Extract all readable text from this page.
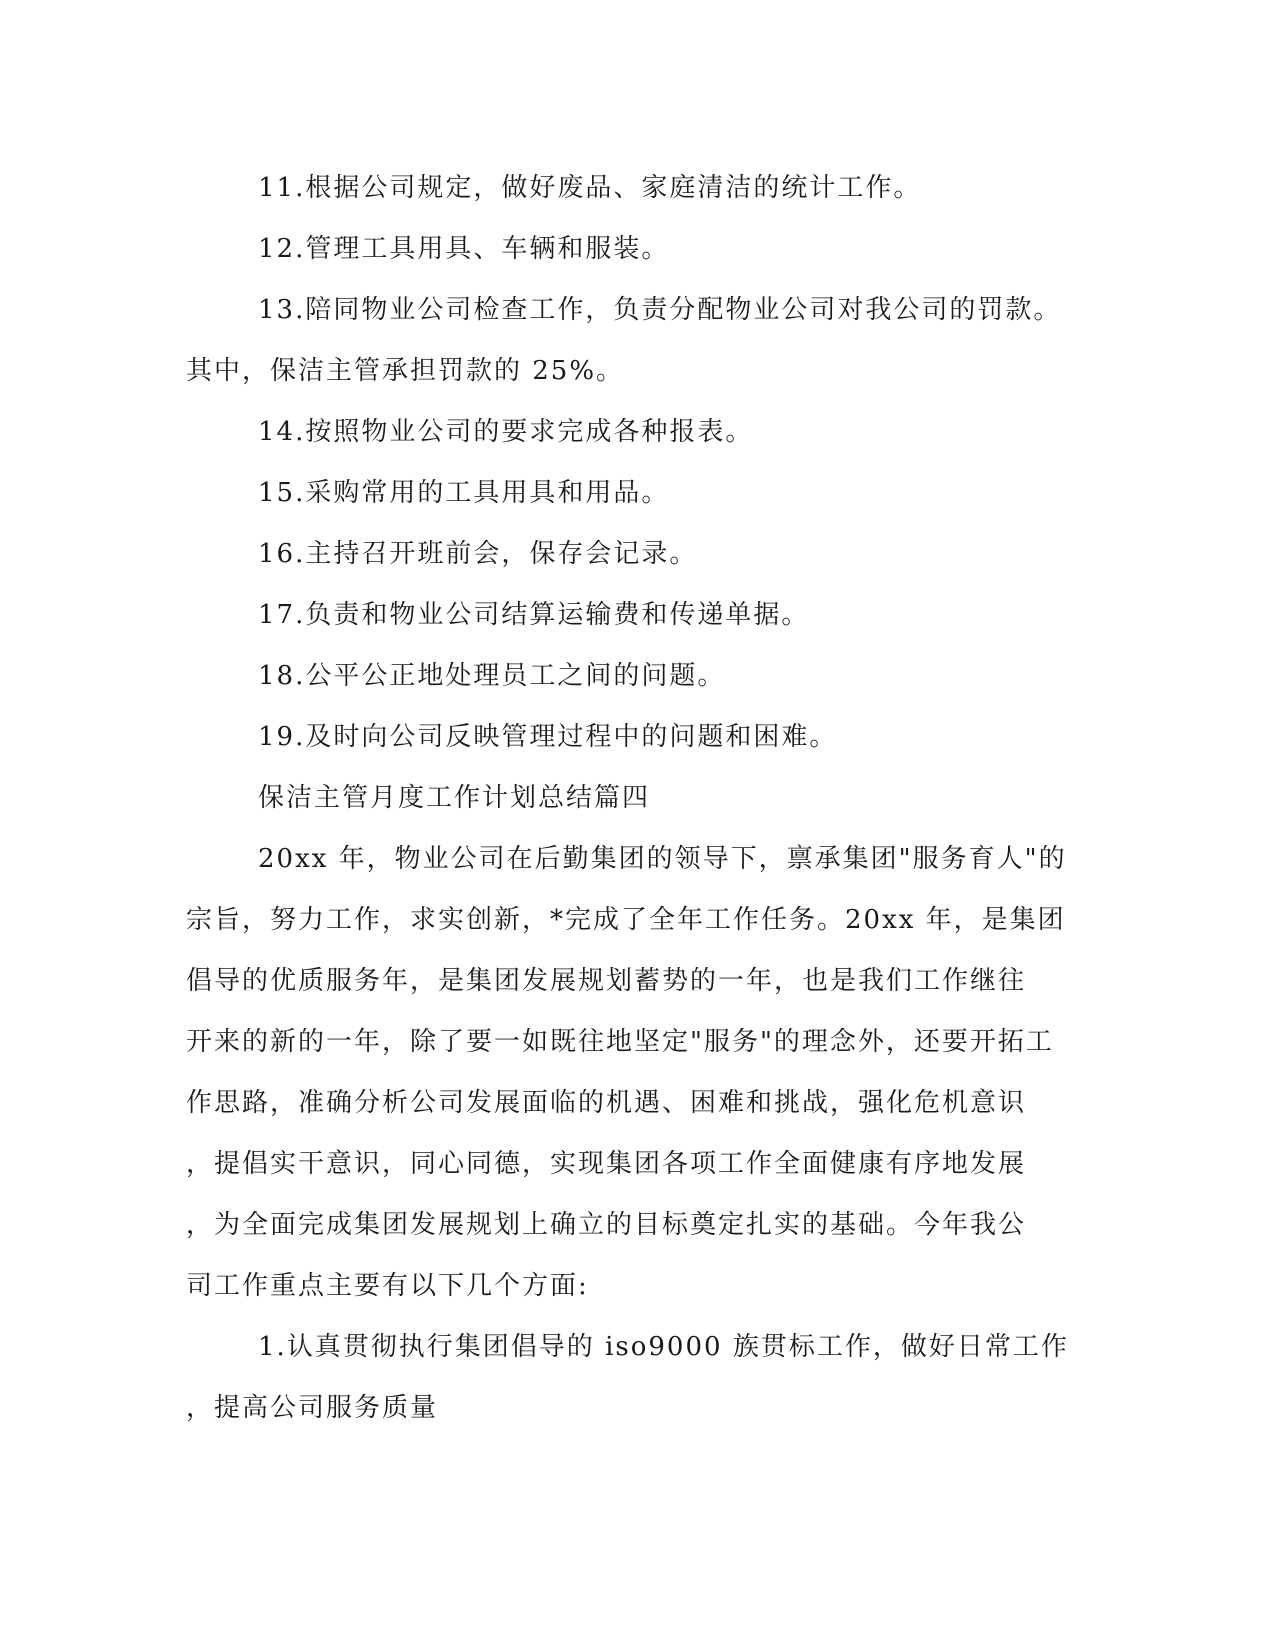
11.根据公司规定，做好废品、家庭清洁的统计工作。
12.管理工具用具、车辆和服装。
13.陪同物业公司检查工作，负责分配物业公司对我公司的罚款。
其中，保洁主管承担罚款的 25%。
14.按照物业公司的要求完成各种报表。
15.采购常用的工具用具和用品。
16.主持召开班前会，保存会记录。
17.负责和物业公司结算运输费和传递单据。
18.公平公正地处理员工之间的问题。
19.及时向公司反映管理过程中的问题和困难。
保洁主管月度工作计划总结篇四
20xx 年，物业公司在后勤集团的领导下，禀承集团"服务育人"的
宗旨，努力工作，求实创新，*完成了全年工作任务。20xx 年，是集团
倡导的优质服务年，是集团发展规划蓄势的一年，也是我们工作继往
开来的新的一年，除了要一如既往地坚定"服务"的理念外，还要开拓工
作思路，准确分析公司发展面临的机遇、困难和挑战，强化危机意识
，提倡实干意识，同心同德，实现集团各项工作全面健康有序地发展
，为全面完成集团发展规划上确立的目标奠定扎实的基础。今年我公
司工作重点主要有以下几个方面:
1.认真贯彻执行集团倡导的 iso9000 族贯标工作，做好日常工作
，提高公司服务质量
